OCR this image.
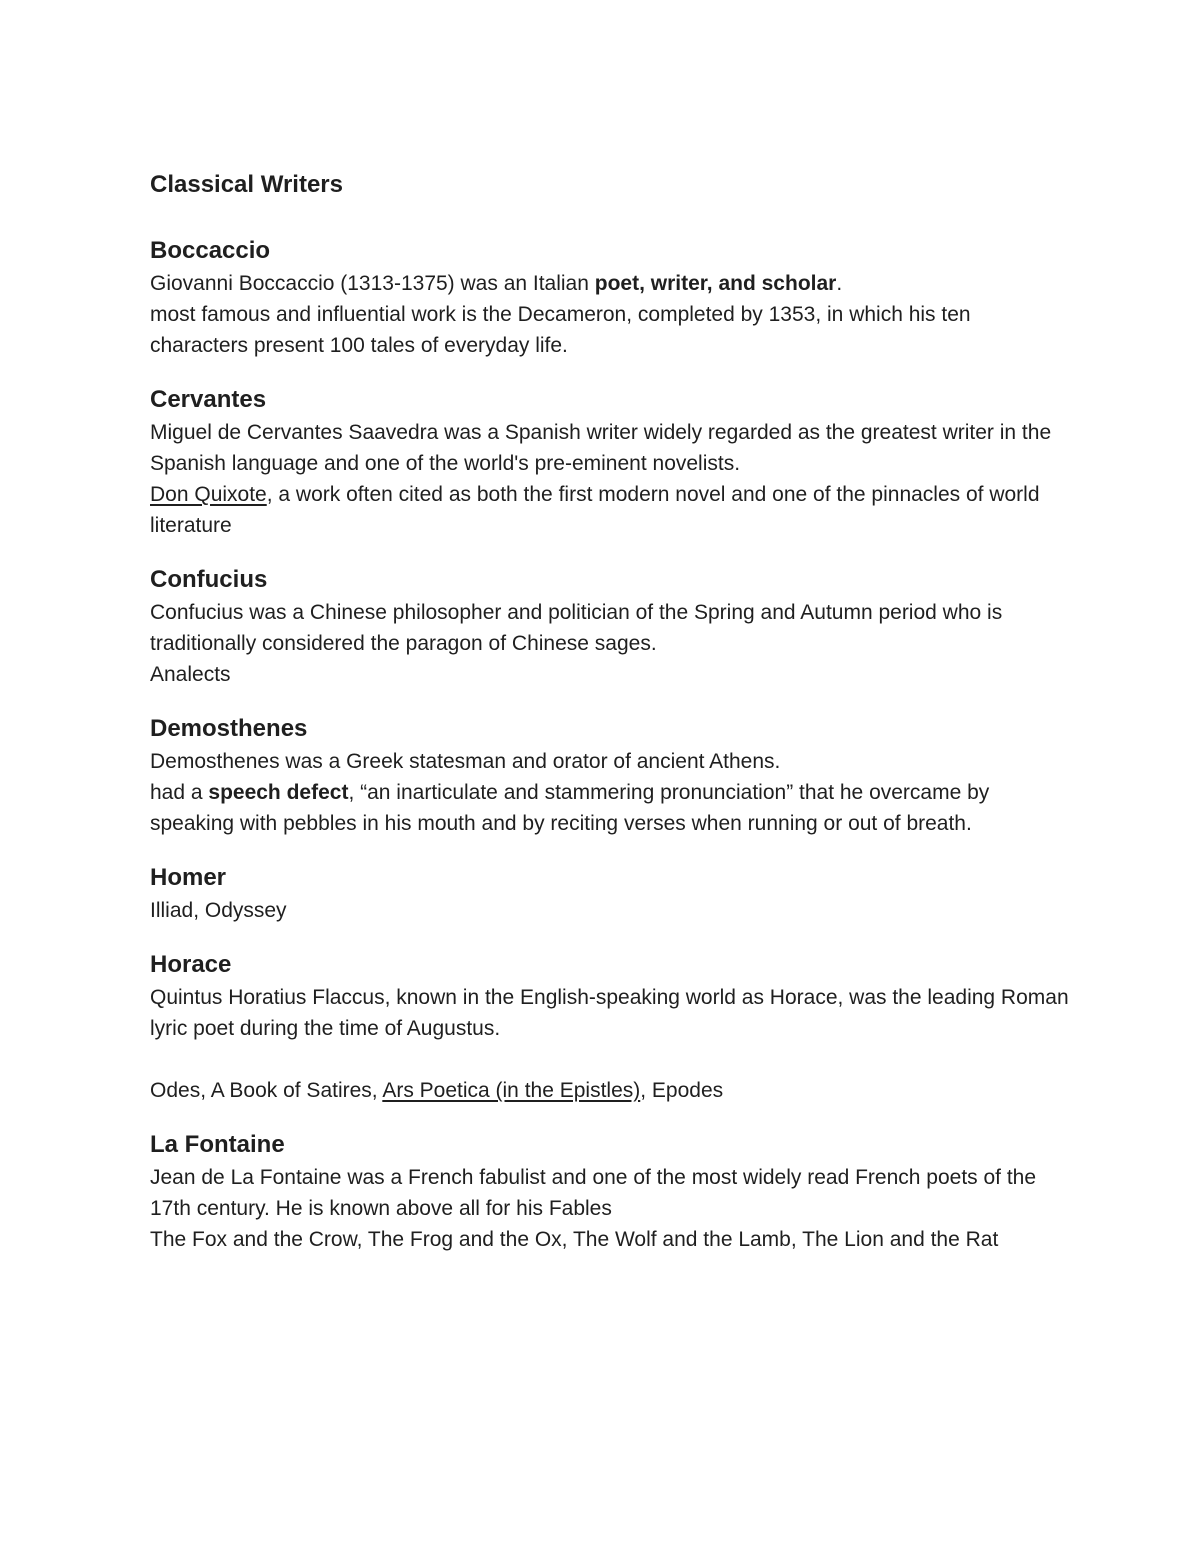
Classical Writers
Boccaccio

Giovanni Boccaccio (1313-1375) was an Italian poet, writer, and scholar.

most famous and influential work is the Decameron, completed by 1353, in which his ten characters present 100 tales of everyday life.

Cervantes

Miguel de Cervantes Saavedra was a Spanish writer widely regarded as the greatest writer in the Spanish language and one of the world's pre-eminent novelists.

Don Quixote, a work often cited as both the first modern novel and one of the pinnacles of world literature

Confucius

Confucius was a Chinese philosopher and politician of the Spring and Autumn period who is traditionally considered the paragon of Chinese sages.

Analects

Demosthenes

Demosthenes was a Greek statesman and orator of ancient Athens.

had a speech defect, “an inarticulate and stammering pronunciation” that he overcame by speaking with pebbles in his mouth and by reciting verses when running or out of breath.

Homer

Illiad, Odyssey

Horace

Quintus Horatius Flaccus, known in the English-speaking world as Horace, was the leading Roman lyric poet during the time of Augustus.

Odes, A Book of Satires, Ars Poetica (in the Epistles), Epodes

La Fontaine

Jean de La Fontaine was a French fabulist and one of the most widely read French poets of the 17th century. He is known above all for his Fables

The Fox and the Crow, The Frog and the Ox, The Wolf and the Lamb, The Lion and the Rat
